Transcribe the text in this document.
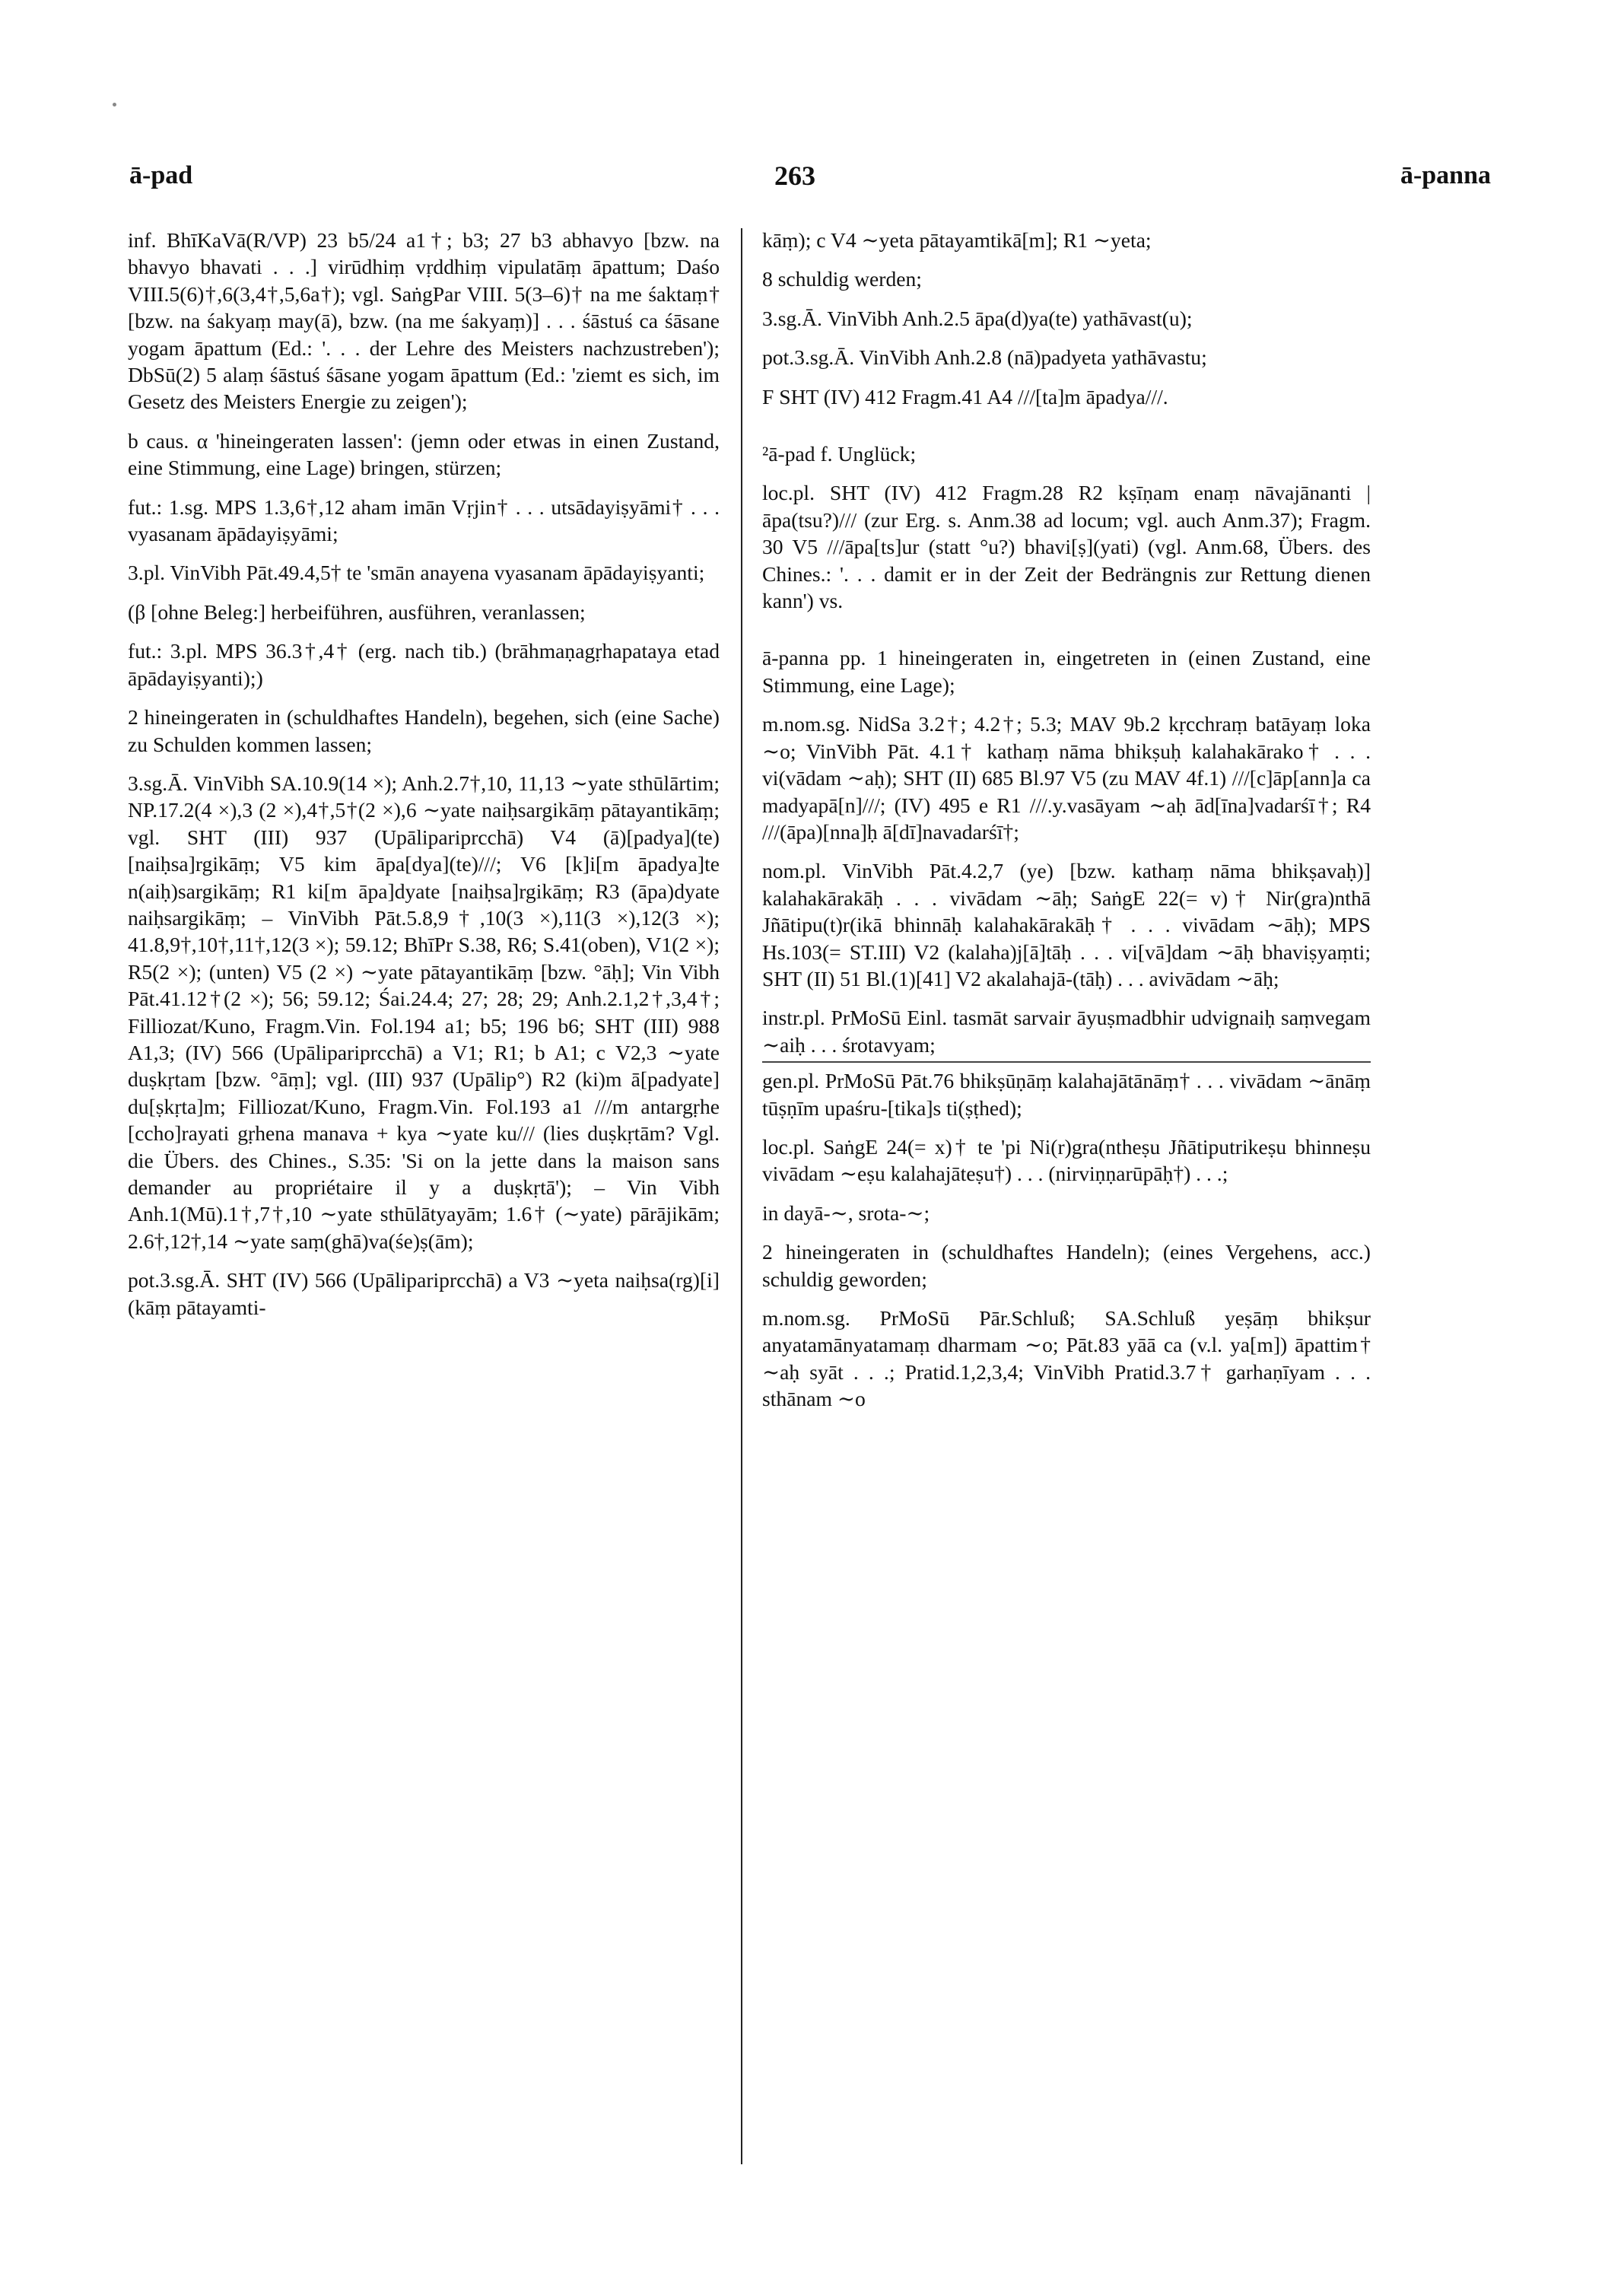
ā-pad	263	ā-panna

inf. BhīKaVā(R/VP) 23 b5/24 a1†; b3; 27 b3 abhavyo [bzw. na bhavyo bhavati . . .] virūdhiṃ vṛddhiṃ vipulatāṃ āpattum; Daśo VIII.5(6)†,6(3,4†,5,6a†); vgl. SaṅgPar VIII. 5(3–6)† na me śaktaṃ† [bzw. na śakyaṃ may(ā), bzw. (na me śakyaṃ)] . . . śāstuś ca śāsane yogam āpattum (Ed.: '. . . der Lehre des Meisters nachzustreben'); DbSū(2) 5 alaṃ śāstuś śāsane yogam āpattum (Ed.: 'ziemt es sich, im Gesetz des Meisters Energie zu zeigen');

b caus. α 'hineingeraten lassen': (jemn oder etwas in einen Zustand, eine Stimmung, eine Lage) bringen, stürzen;

fut.: 1.sg. MPS 1.3,6†,12 aham imān Vṛjin† . . . utsādayiṣyāmi† . . . vyasanam āpādayiṣyāmi;

3.pl. VinVibh Pāt.49.4,5† te 'smān anayena vyasanam āpādayiṣyanti;

(β [ohne Beleg:] herbeiführen, ausführen, veranlassen;

fut.: 3.pl. MPS 36.3†,4† (erg. nach tib.) (brāhmaṇagṛhapataya etad āpādayiṣyanti);)

2 hineingeraten in (schuldhaftes Handeln), begehen, sich (eine Sache) zu Schulden kommen lassen;

3.sg.Ā. VinVibh SA.10.9(14 ×); Anh.2.7†,10, 11,13 ∼yate sthūlārtim; NP.17.2(4 ×),3 (2 ×),4†,5†(2 ×),6 ∼yate naiḥsargikāṃ pātayantikāṃ; vgl. SHT (III) 937 (Upālipariprcchā) V4 (ā)[padya](te) [naiḥsa]rgikāṃ; V5 kim āpa[dya](te)///; V6 [k]i[m āpadya]te n(aiḥ)sargikāṃ; R1 ki[m āpa]dyate [naiḥsa]rgikāṃ; R3 (āpa)dyate naiḥsargikāṃ; – VinVibh Pāt.5.8,9†,10(3 ×),11(3 ×),12(3 ×); 41.8,9†,10†,11†,12(3 ×); 59.12; BhīPr S.38, R6; S.41(oben), V1(2 ×); R5(2 ×); (unten) V5 (2 ×) ∼yate pātayantikāṃ [bzw. °āḥ]; Vin Vibh Pāt.41.12†(2 ×); 56; 59.12; Śai.24.4; 27; 28; 29; Anh.2.1,2†,3,4†; Filliozat/Kuno, Fragm.Vin. Fol.194 a1; b5; 196 b6; SHT (III) 988 A1,3; (IV) 566 (Upālipariprcchā) a V1; R1; b A1; c V2,3 ∼yate duṣkṛtam [bzw. °āṃ]; vgl. (III) 937 (Upālip°) R2 (ki)m ā[padyate] du[ṣkṛta]m; Filliozat/Kuno, Fragm.Vin. Fol.193 a1 ///m antargṛhe [ccho]rayati gṛhena manava + kya ∼yate ku/// (lies duṣkṛtām? Vgl. die Übers. des Chines., S.35: 'Si on la jette dans la maison sans demander au propriétaire il y a duṣkṛtā'); – Vin Vibh Anh.1(Mū).1†,7†,10 ∼yate sthūlātyayām; 1.6† (∼yate) pārājikām; 2.6†,12†,14 ∼yate saṃ(ghā)va(śe)ṣ(ām);

pot.3.sg.Ā. SHT (IV) 566 (Upālipariprcchā) a V3 ∼yeta naiḥsa(rg)[i](kāṃ pātayamti-

kāṃ); c V4 ∼yeta pātayamtikā[m]; R1 ∼yeta;

8 schuldig werden;

3.sg.Ā. VinVibh Anh.2.5 āpa(d)ya(te) yathāvast(u);

pot.3.sg.Ā. VinVibh Anh.2.8 (nā)padyeta yathāvastu;

F SHT (IV) 412 Fragm.41 A4 ///[ta]m āpadya///.

²ā-pad f. Unglück;

loc.pl. SHT (IV) 412 Fragm.28 R2 kṣīṇam enaṃ nāvajānanti | āpa(tsu?)/// (zur Erg. s. Anm.38 ad locum; vgl. auch Anm.37); Fragm. 30 V5 ///āpa[ts]ur (statt °u?) bhavi[ṣ](yati) (vgl. Anm.68, Übers. des Chines.: '. . . damit er in der Zeit der Bedrängnis zur Rettung dienen kann') vs.

ā-panna pp. 1 hineingeraten in, eingetreten in (einen Zustand, eine Stimmung, eine Lage);

m.nom.sg. NidSa 3.2†; 4.2†; 5.3; MAV 9b.2 kṛcchraṃ batāyaṃ loka ∼o; VinVibh Pāt. 4.1† kathaṃ nāma bhikṣuḥ kalahakārako† . . . vi(vādam ∼aḥ); SHT (II) 685 Bl.97 V5 (zu MAV 4f.1) ///[c]āp[ann]a ca madyapā[n]///; (IV) 495 e R1 ///.y.vasāyam ∼aḥ ād[īna]vadarśī†; R4 ///(āpa)[nna]ḥ ā[dī]navadarśī†;

nom.pl. VinVibh Pāt.4.2,7 (ye) [bzw. kathaṃ nāma bhikṣavaḥ)] kalahakārakāḥ . . . vivādam ∼āḥ; SaṅgE 22(= v)† Nir(gra)nthā Jñātipu(t)r(ikā bhinnāḥ kalahakārakāḥ† . . . vivādam ∼āḥ); MPS Hs.103(= ST.III) V2 (kalaha)j[ā]tāḥ . . . vi[vā]dam ∼āḥ bhaviṣyaṃti; SHT (II) 51 Bl.(1)[41] V2 akalahajā-(tāḥ) . . . avivādam ∼āḥ;

instr.pl. PrMoSū Einl. tasmāt sarvair āyuṣmadbhir udvignaiḥ saṃvegam ∼aiḥ . . . śrotavyam;

gen.pl. PrMoSū Pāt.76 bhikṣūṇāṃ kalahajātānāṃ† . . . vivādam ∼ānāṃ tūṣṇīm upaśru-[tika]s ti(ṣṭhed);

loc.pl. SaṅgE 24(= x)† te 'pi Ni(r)gra(ntheṣu Jñātiputrikeṣu bhinneṣu vivādam ∼eṣu kalahajāteṣu†) . . . (nirviṇṇarūpāḥ†) . . .;

in dayā-∼, srota-∼;

2 hineingeraten in (schuldhaftes Handeln); (eines Vergehens, acc.) schuldig geworden;

m.nom.sg. PrMoSū Pār.Schluß; SA.Schluß yeṣāṃ bhikṣur anyatamānyatamaṃ dharmam ∼o; Pāt.83 yāā ca (v.l. ya[m]) āpattim† ∼aḥ syāt . . .; Pratid.1,2,3,4; VinVibh Pratid.3.7† garhaṇīyam . . . sthānam ∼o
